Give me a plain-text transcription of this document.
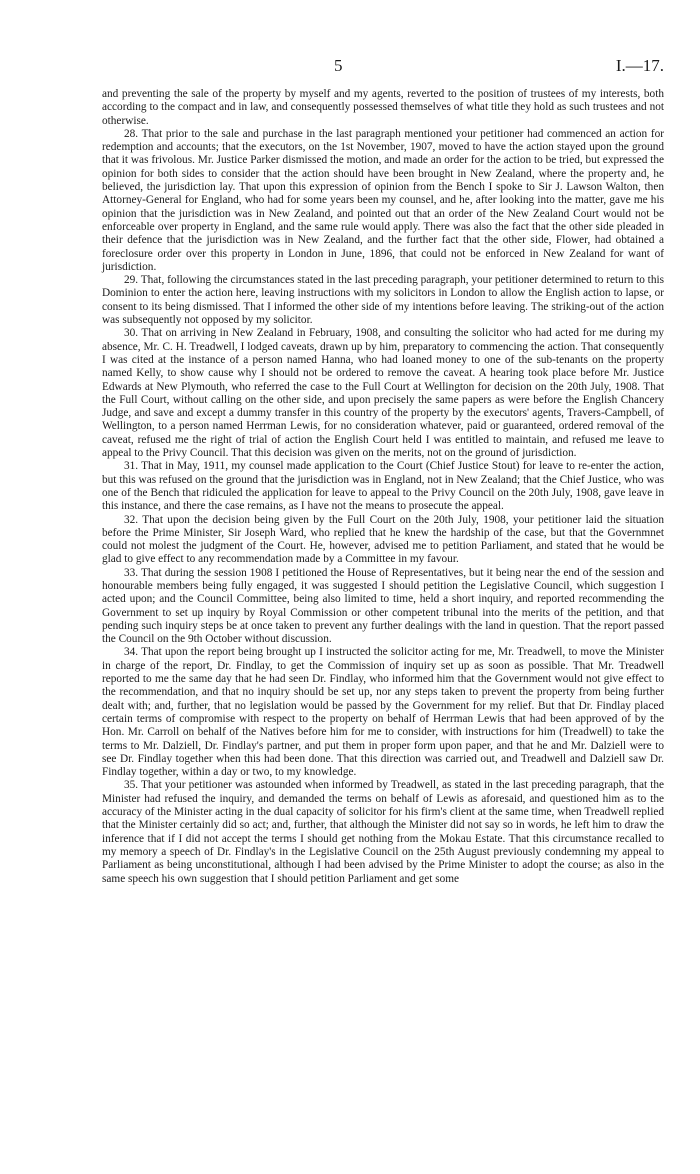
5	I.—17.

and preventing the sale of the property by myself and my agents, reverted to the position of trustees of my interests, both according to the compact and in law, and consequently possessed themselves of what title they hold as such trustees and not otherwise.

28. That prior to the sale and purchase in the last paragraph mentioned your petitioner had commenced an action for redemption and accounts; that the executors, on the 1st November, 1907, moved to have the action stayed upon the ground that it was frivolous. Mr. Justice Parker dismissed the motion, and made an order for the action to be tried, but expressed the opinion for both sides to consider that the action should have been brought in New Zealand, where the property and, he believed, the jurisdiction lay. That upon this expression of opinion from the Bench I spoke to Sir J. Lawson Walton, then Attorney-General for England, who had for some years been my counsel, and he, after looking into the matter, gave me his opinion that the jurisdiction was in New Zealand, and pointed out that an order of the New Zealand Court would not be enforceable over property in England, and the same rule would apply. There was also the fact that the other side pleaded in their defence that the jurisdiction was in New Zealand, and the further fact that the other side, Flower, had obtained a foreclosure order over this property in London in June, 1896, that could not be enforced in New Zealand for want of jurisdiction.

29. That, following the circumstances stated in the last preceding paragraph, your petitioner determined to return to this Dominion to enter the action here, leaving instructions with my solicitors in London to allow the English action to lapse, or consent to its being dismissed. That I informed the other side of my intentions before leaving. The striking-out of the action was subsequently not opposed by my solicitor.

30. That on arriving in New Zealand in February, 1908, and consulting the solicitor who had acted for me during my absence, Mr. C. H. Treadwell, I lodged caveats, drawn up by him, preparatory to commencing the action. That consequently I was cited at the instance of a person named Hanna, who had loaned money to one of the sub-tenants on the property named Kelly, to show cause why I should not be ordered to remove the caveat. A hearing took place before Mr. Justice Edwards at New Plymouth, who referred the case to the Full Court at Wellington for decision on the 20th July, 1908. That the Full Court, without calling on the other side, and upon precisely the same papers as were before the English Chancery Judge, and save and except a dummy transfer in this country of the property by the executors' agents, Travers-Campbell, of Wellington, to a person named Herrman Lewis, for no consideration whatever, paid or guaranteed, ordered removal of the caveat, refused me the right of trial of action the English Court held I was entitled to maintain, and refused me leave to appeal to the Privy Council. That this decision was given on the merits, not on the ground of jurisdiction.

31. That in May, 1911, my counsel made application to the Court (Chief Justice Stout) for leave to re-enter the action, but this was refused on the ground that the jurisdiction was in England, not in New Zealand; that the Chief Justice, who was one of the Bench that ridiculed the application for leave to appeal to the Privy Council on the 20th July, 1908, gave leave in this instance, and there the case remains, as I have not the means to prosecute the appeal.

32. That upon the decision being given by the Full Court on the 20th July, 1908, your petitioner laid the situation before the Prime Minister, Sir Joseph Ward, who replied that he knew the hardship of the case, but that the Governmnet could not molest the judgment of the Court. He, however, advised me to petition Parliament, and stated that he would be glad to give effect to any recommendation made by a Committee in my favour.

33. That during the session 1908 I petitioned the House of Representatives, but it being near the end of the session and honourable members being fully engaged, it was suggested I should petition the Legislative Council, which suggestion I acted upon; and the Council Committee, being also limited to time, held a short inquiry, and reported recommending the Government to set up inquiry by Royal Commission or other competent tribunal into the merits of the petition, and that pending such inquiry steps be at once taken to prevent any further dealings with the land in question. That the report passed the Council on the 9th October without discussion.

34. That upon the report being brought up I instructed the solicitor acting for me, Mr. Treadwell, to move the Minister in charge of the report, Dr. Findlay, to get the Commission of inquiry set up as soon as possible. That Mr. Treadwell reported to me the same day that he had seen Dr. Findlay, who informed him that the Government would not give effect to the recommendation, and that no inquiry should be set up, nor any steps taken to prevent the property from being further dealt with; and, further, that no legislation would be passed by the Government for my relief. But that Dr. Findlay placed certain terms of compromise with respect to the property on behalf of Herrman Lewis that had been approved of by the Hon. Mr. Carroll on behalf of the Natives before him for me to consider, with instructions for him (Treadwell) to take the terms to Mr. Dalziell, Dr. Findlay's partner, and put them in proper form upon paper, and that he and Mr. Dalziell were to see Dr. Findlay together when this had been done. That this direction was carried out, and Treadwell and Dalziell saw Dr. Findlay together, within a day or two, to my knowledge.

35. That your petitioner was astounded when informed by Treadwell, as stated in the last preceding paragraph, that the Minister had refused the inquiry, and demanded the terms on behalf of Lewis as aforesaid, and questioned him as to the accuracy of the Minister acting in the dual capacity of solicitor for his firm's client at the same time, when Treadwell replied that the Minister certainly did so act; and, further, that although the Minister did not say so in words, he left him to draw the inference that if I did not accept the terms I should get nothing from the Mokau Estate. That this circumstance recalled to my memory a speech of Dr. Findlay's in the Legislative Council on the 25th August previously condemning my appeal to Parliament as being unconstitutional, although I had been advised by the Prime Minister to adopt the course; as also in the same speech his own suggestion that I should petition Parliament and get some
